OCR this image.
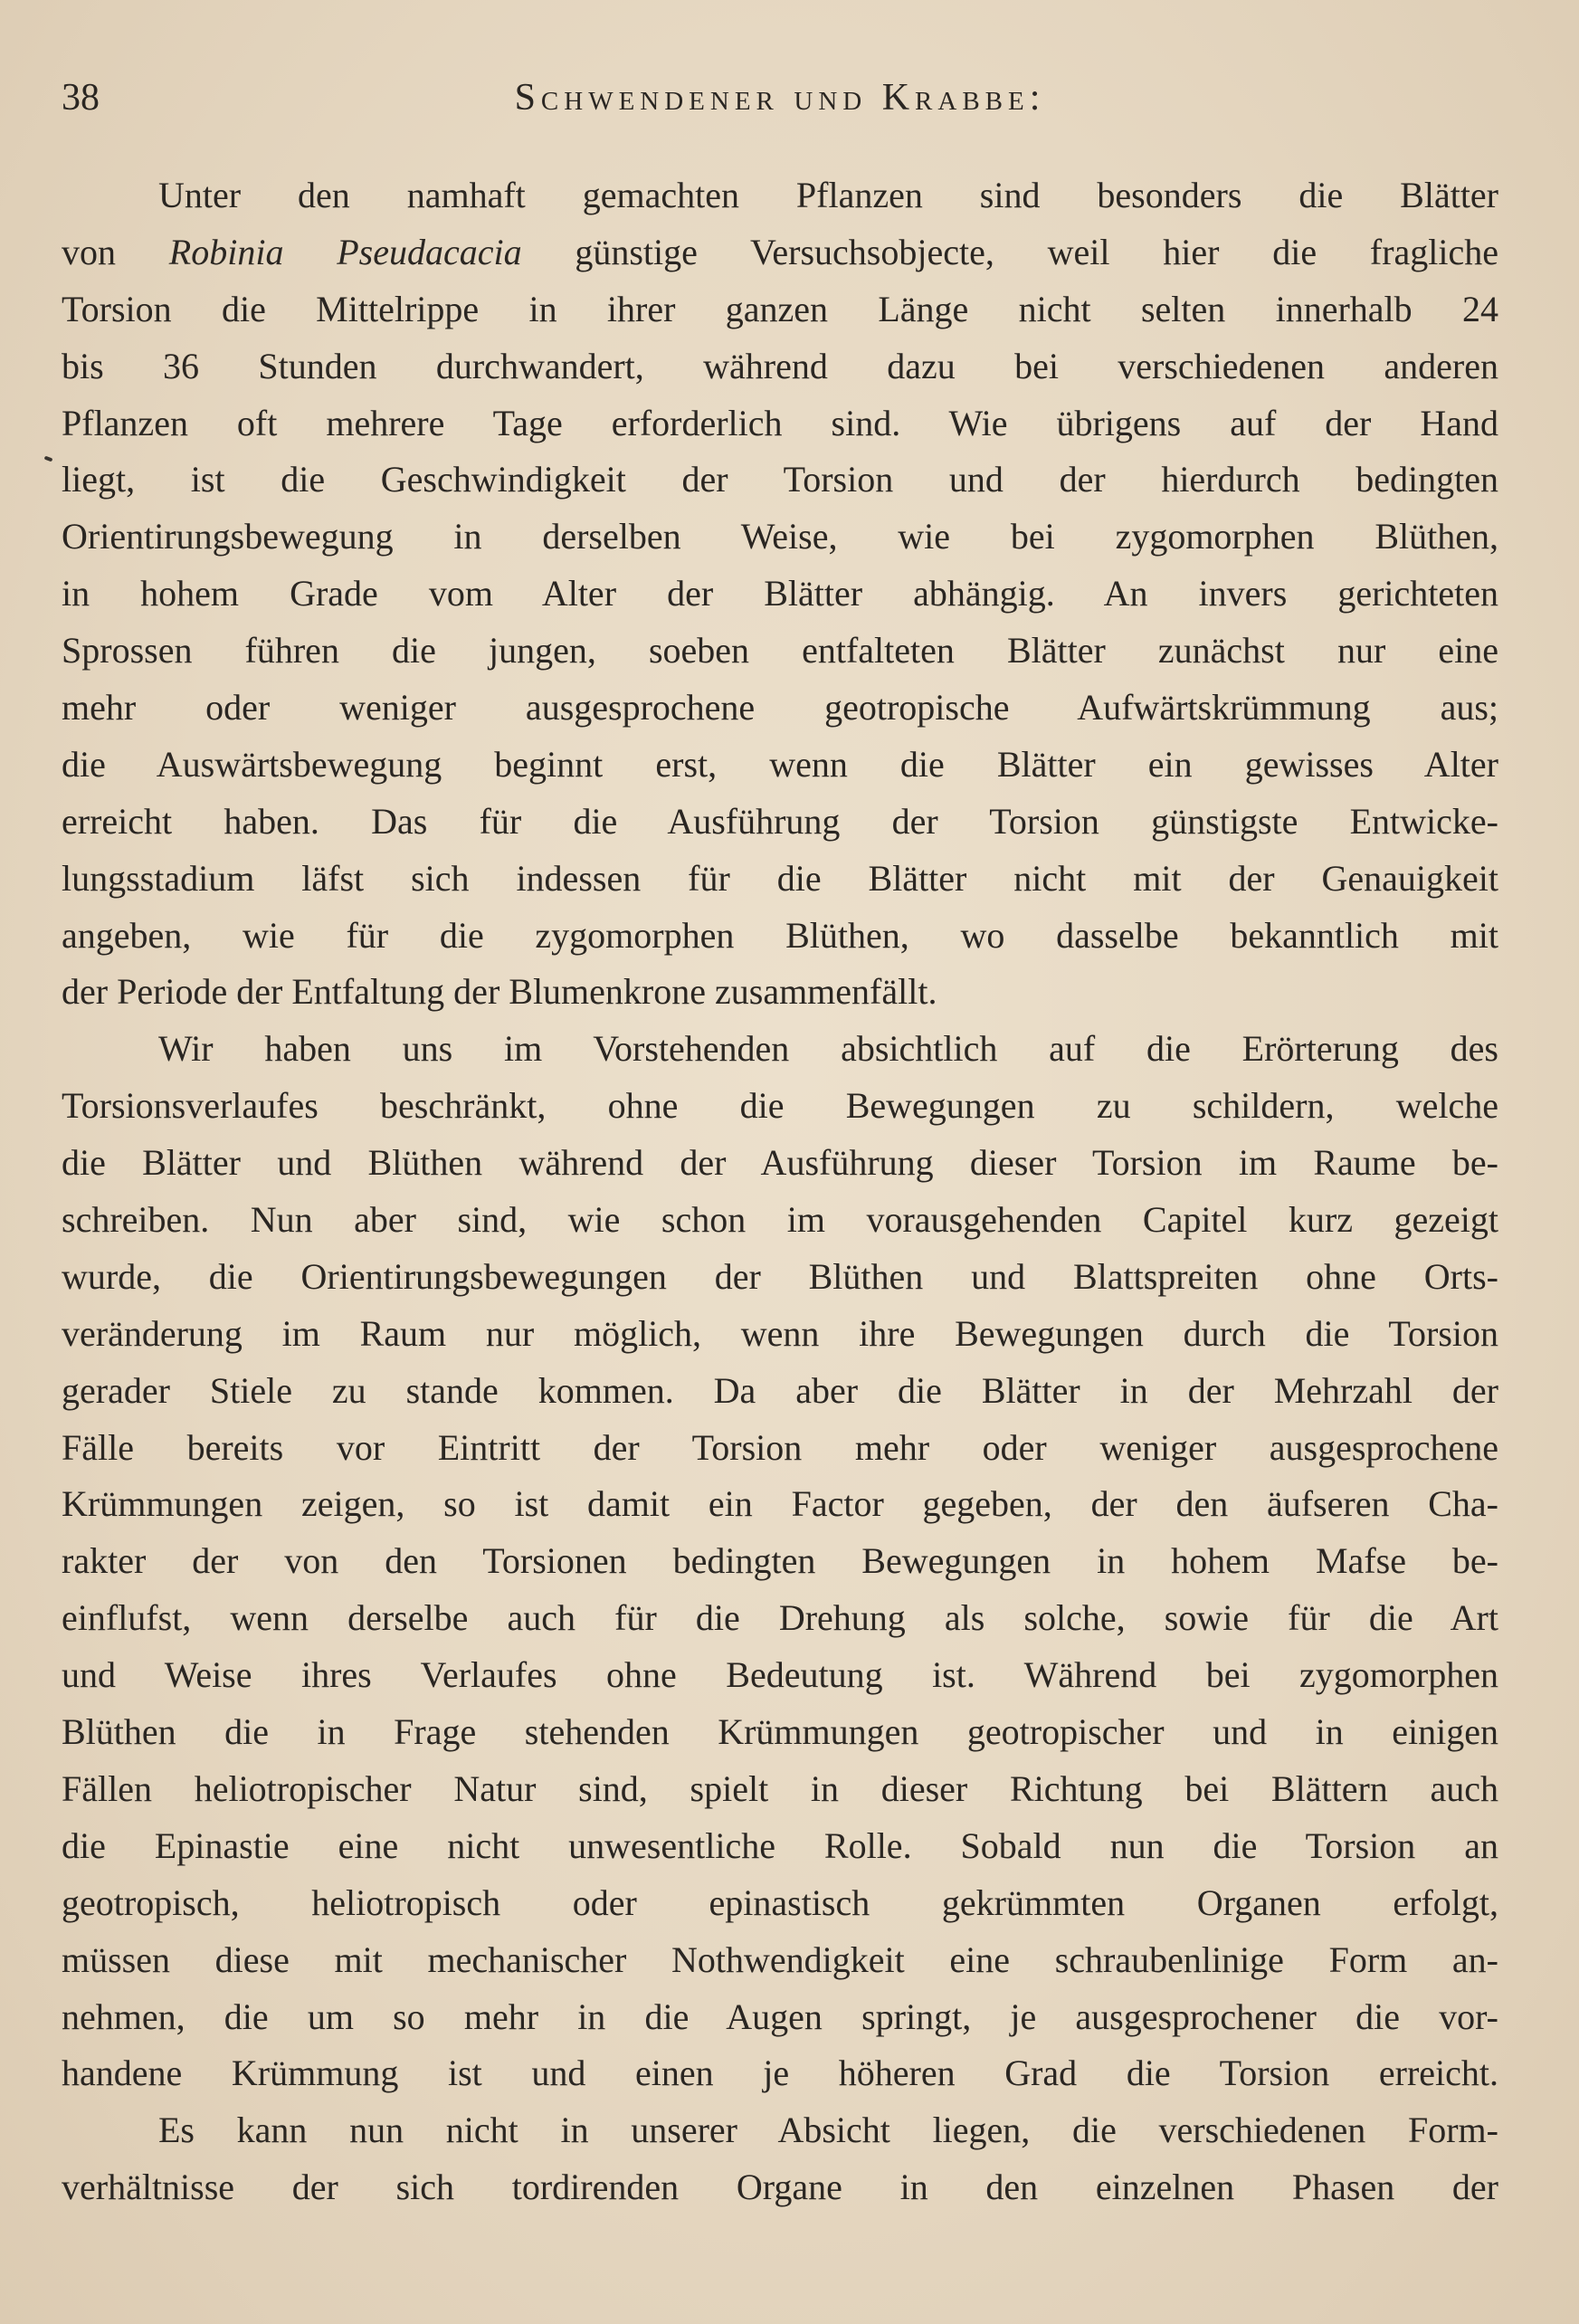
38	Schwendener und Krabbe:
Unter den namhaft gemachten Pflanzen sind besonders die Blätter
von Robinia Pseudacacia günstige Versuchsobjecte, weil hier die fragliche
Torsion die Mittelrippe in ihrer ganzen Länge nicht selten innerhalb 24
bis 36 Stunden durchwandert, während dazu bei verschiedenen anderen
Pflanzen oft mehrere Tage erforderlich sind. Wie übrigens auf der Hand
liegt, ist die Geschwindigkeit der Torsion und der hierdurch bedingten
Orientirungsbewegung in derselben Weise, wie bei zygomorphen Blüthen,
in hohem Grade vom Alter der Blätter abhängig. An invers gerichteten
Sprossen führen die jungen, soeben entfalteten Blätter zunächst nur eine
mehr oder weniger ausgesprochene geotropische Aufwärtskrümmung aus;
die Auswärtsbewegung beginnt erst, wenn die Blätter ein gewisses Alter
erreicht haben. Das für die Ausführung der Torsion günstigste Entwicke-
lungsstadium läfst sich indessen für die Blätter nicht mit der Genauigkeit
angeben, wie für die zygomorphen Blüthen, wo dasselbe bekanntlich mit
der Periode der Entfaltung der Blumenkrone zusammenfällt.
Wir haben uns im Vorstehenden absichtlich auf die Erörterung des
Torsionsverlaufes beschränkt, ohne die Bewegungen zu schildern, welche
die Blätter und Blüthen während der Ausführung dieser Torsion im Raume be-
schreiben. Nun aber sind, wie schon im vorausgehenden Capitel kurz gezeigt
wurde, die Orientirungsbewegungen der Blüthen und Blattspreiten ohne Orts-
veränderung im Raum nur möglich, wenn ihre Bewegungen durch die Torsion
gerader Stiele zu stande kommen. Da aber die Blätter in der Mehrzahl der
Fälle bereits vor Eintritt der Torsion mehr oder weniger ausgesprochene
Krümmungen zeigen, so ist damit ein Factor gegeben, der den äufseren Cha-
rakter der von den Torsionen bedingten Bewegungen in hohem Mafse be-
einflufst, wenn derselbe auch für die Drehung als solche, sowie für die Art
und Weise ihres Verlaufes ohne Bedeutung ist. Während bei zygomorphen
Blüthen die in Frage stehenden Krümmungen geotropischer und in einigen
Fällen heliotropischer Natur sind, spielt in dieser Richtung bei Blättern auch
die Epinastie eine nicht unwesentliche Rolle. Sobald nun die Torsion an
geotropisch, heliotropisch oder epinastisch gekrümmten Organen erfolgt,
müssen diese mit mechanischer Nothwendigkeit eine schraubenlinige Form an-
nehmen, die um so mehr in die Augen springt, je ausgesprochener die vor-
handene Krümmung ist und einen je höheren Grad die Torsion erreicht.
Es kann nun nicht in unserer Absicht liegen, die verschiedenen Form-
verhältnisse der sich tordirenden Organe in den einzelnen Phasen der
